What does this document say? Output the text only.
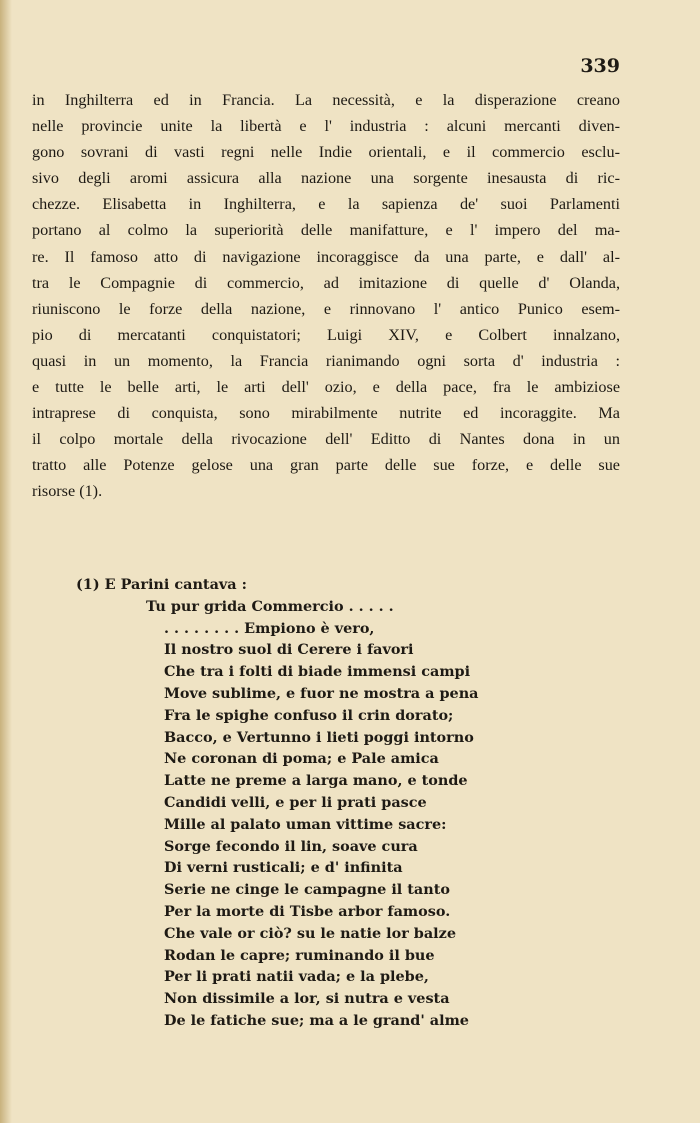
339
in Inghilterra ed in Francia. La necessità, e la disperazione creano
nelle provincie unite la libertà e l' industria : alcuni mercanti diven-
gono sovrani di vasti regni nelle Indie orientali, e il commercio esclu-
sivo degli aromi assicura alla nazione una sorgente inesausta di ric-
chezze. Elisabetta in Inghilterra, e la sapienza de' suoi Parlamenti
portano al colmo la superiorità delle manifatture, e l' impero del ma-
re. Il famoso atto di navigazione incoraggisce da una parte, e dall' al-
tra le Compagnie di commercio, ad imitazione di quelle d' Olanda,
riuniscono le forze della nazione, e rinnovano l' antico Punico esem-
pio di mercatanti conquistatori; Luigi XIV, e Colbert innalzano,
quasi in un momento, la Francia rianimando ogni sorta d' industria :
e tutte le belle arti, le arti dell' ozio, e della pace, fra le ambiziose
intraprese di conquista, sono mirabilmente nutrite ed incoraggite. Ma
il colpo mortale della rivocazione dell' Editto di Nantes dona in un
tratto alle Potenze gelose una gran parte delle sue forze, e delle sue
risorse (1).
(1) E Parini cantava :
Tu pur grida Commercio . . . . .
. . . . . . . . Empiono è vero,
Il nostro suol di Cerere i favori
Che tra i folti di biade immensi campi
Move sublime, e fuor ne mostra a pena
Fra le spighe confuso il crin dorato;
Bacco, e Vertunno i lieti poggi intorno
Ne coronan di poma; e Pale amica
Latte ne preme a larga mano, e tonde
Candidi velli, e per li prati pasce
Mille al palato uman vittime sacre:
Sorge fecondo il lin, soave cura
Di verni rusticali; e d' infinita
Serie ne cinge le campagne il tanto
Per la morte di Tisbe arbor famoso.
Che vale or ciò? su le natie lor balze
Rodan le capre; ruminando il bue
Per li prati natii vada; e la plebe,
Non dissimile a lor, si nutra e vesta
De le fatiche sue; ma a le grand' alme
